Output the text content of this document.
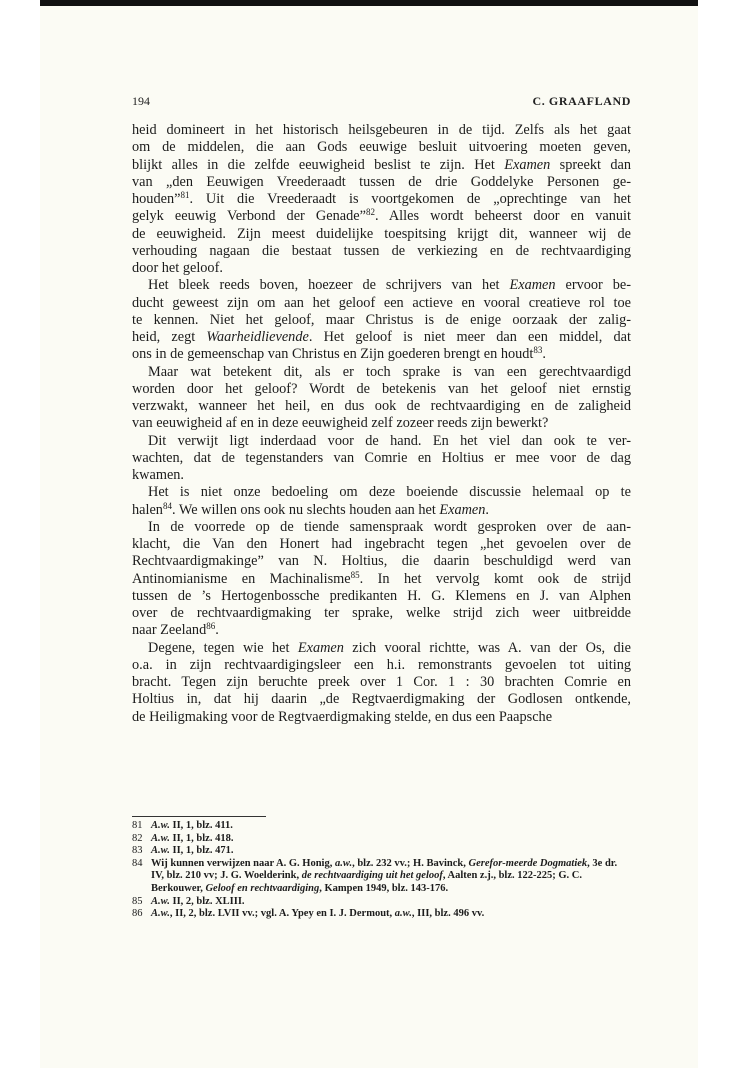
194	C. GRAAFLAND
heid domineert in het historisch heilsgebeuren in de tijd. Zelfs als het gaat
om de middelen, die aan Gods eeuwige besluit uitvoering moeten geven,
blijkt alles in die zelfde eeuwigheid beslist te zijn. Het Examen spreekt dan
van „den Eeuwigen Vreederaadt tussen de drie Goddelyke Personen ge-
houden”$^{81}$. Uit die Vreederaadt is voortgekomen de „oprechtinge van het
gelyk eeuwig Verbond der Genade”$^{82}$. Alles wordt beheerst door en vanuit
de eeuwigheid. Zijn meest duidelijke toespitsing krijgt dit, wanneer wij de
verhouding nagaan die bestaat tussen de verkiezing en de rechtvaardiging
door het geloof.
Het bleek reeds boven, hoezeer de schrijvers van het Examen ervoor be-
ducht geweest zijn om aan het geloof een actieve en vooral creatieve rol toe
te kennen. Niet het geloof, maar Christus is de enige oorzaak der zalig-
heid, zegt Waarheidlievende. Het geloof is niet meer dan een middel, dat
ons in de gemeenschap van Christus en Zijn goederen brengt en houdt$^{83}$.
Maar wat betekent dit, als er toch sprake is van een gerechtvaardigd
worden door het geloof? Wordt de betekenis van het geloof niet ernstig
verzwakt, wanneer het heil, en dus ook de rechtvaardiging en de zaligheid
van eeuwigheid af en in deze eeuwigheid zelf zozeer reeds zijn bewerkt?
Dit verwijt ligt inderdaad voor de hand. En het viel dan ook te ver-
wachten, dat de tegenstanders van Comrie en Holtius er mee voor de dag
kwamen.
Het is niet onze bedoeling om deze boeiende discussie helemaal op te
halen$^{84}$. We willen ons ook nu slechts houden aan het Examen.
In de voorrede op de tiende samenspraak wordt gesproken over de aan-
klacht, die Van den Honert had ingebracht tegen „het gevoelen over de
Rechtvaardigmakinge” van N. Holtius, die daarin beschuldigd werd van
Antinomianisme en Machinalisme$^{85}$. In het vervolg komt ook de strijd
tussen de ’s Hertogenbossche predikanten H. G. Klemens en J. van Alphen
over de rechtvaardigmaking ter sprake, welke strijd zich weer uitbreidde
naar Zeeland$^{86}$.
Degene, tegen wie het Examen zich vooral richtte, was A. van der Os, die
o.a. in zijn rechtvaardigingsleer een h.i. remonstrants gevoelen tot uiting
bracht. Tegen zijn beruchte preek over 1 Cor. 1 : 30 brachten Comrie en
Holtius in, dat hij daarin „de Regtvaerdigmaking der Godlosen ontkende,
de Heiligmaking voor de Regtvaerdigmaking stelde, en dus een Paapsche
81 A.w. II, 1, blz. 411.
82 A.w. II, 1, blz. 418.
83 A.w. II, 1, blz. 471.
84 Wij kunnen verwijzen naar A. G. Honig, a.w., blz. 232 vv.; H. Bavinck, Gerefor-meerde Dogmatiek, 3e dr. IV, blz. 210 vv; J. G. Woelderink, de rechtvaardiging uit het geloof, Aalten z.j., blz. 122-225; G. C. Berkouwer, Geloof en rechtvaardiging, Kampen 1949, blz. 143-176.
85 A.w. II, 2, blz. XLIII.
86 A.w., II, 2, blz. LVII vv.; vgl. A. Ypey en I. J. Dermout, a.w., III, blz. 496 vv.
